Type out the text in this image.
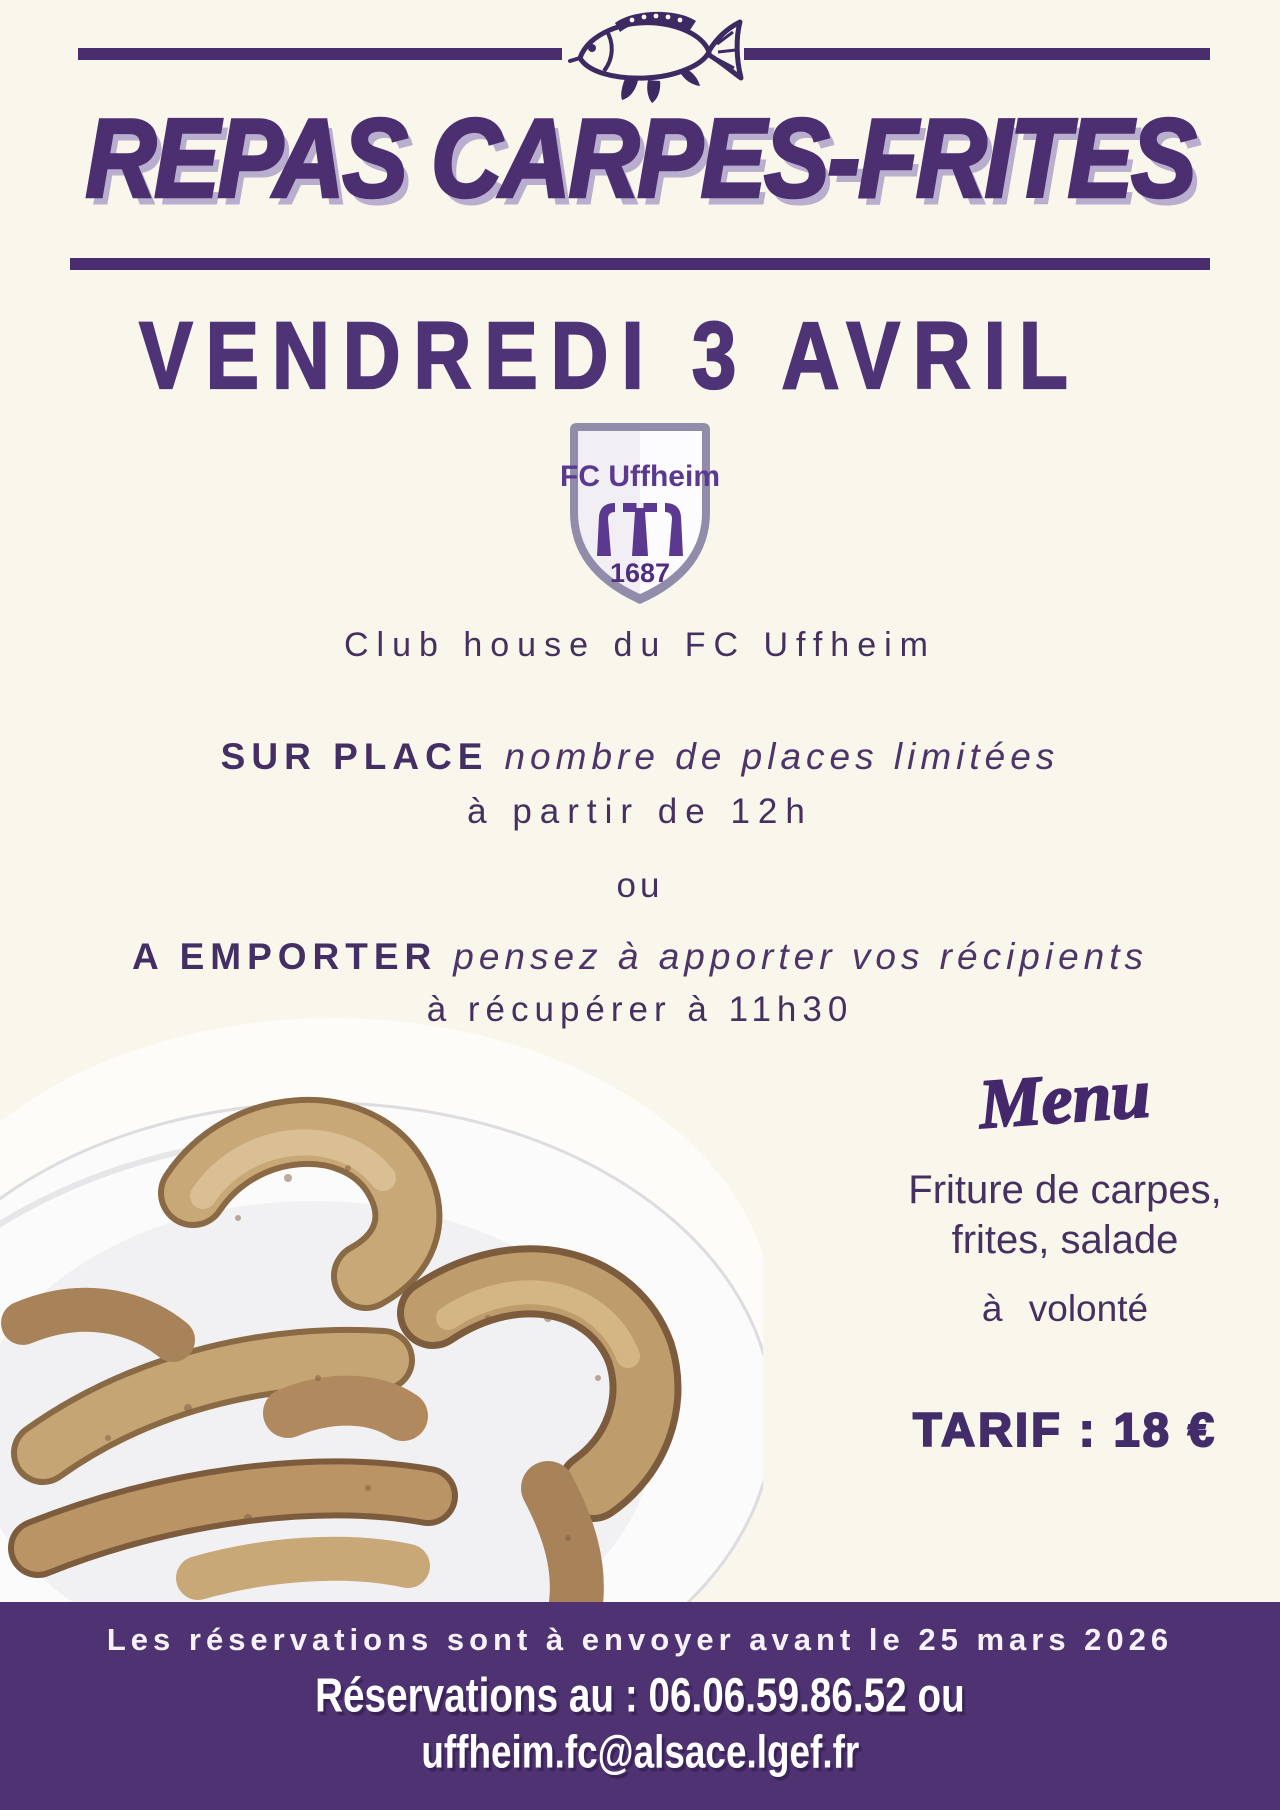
REPAS CARPES-FRITES
VENDREDI 3 AVRIL
FC Uffheim
1687
Club house du FC Uffheim
SUR PLACE nombre de places limitées
à partir de 12h
ou
A EMPORTER pensez à apporter vos récipients
à récupérer à 11h30
Menu
Friture de carpes,
frites, salade
à volonté
TARIF : 18 €
Les réservations sont à envoyer avant le 25 mars 2026
Réservations au : 06.06.59.86.52 ou
uffheim.fc@alsace.lgef.fr
